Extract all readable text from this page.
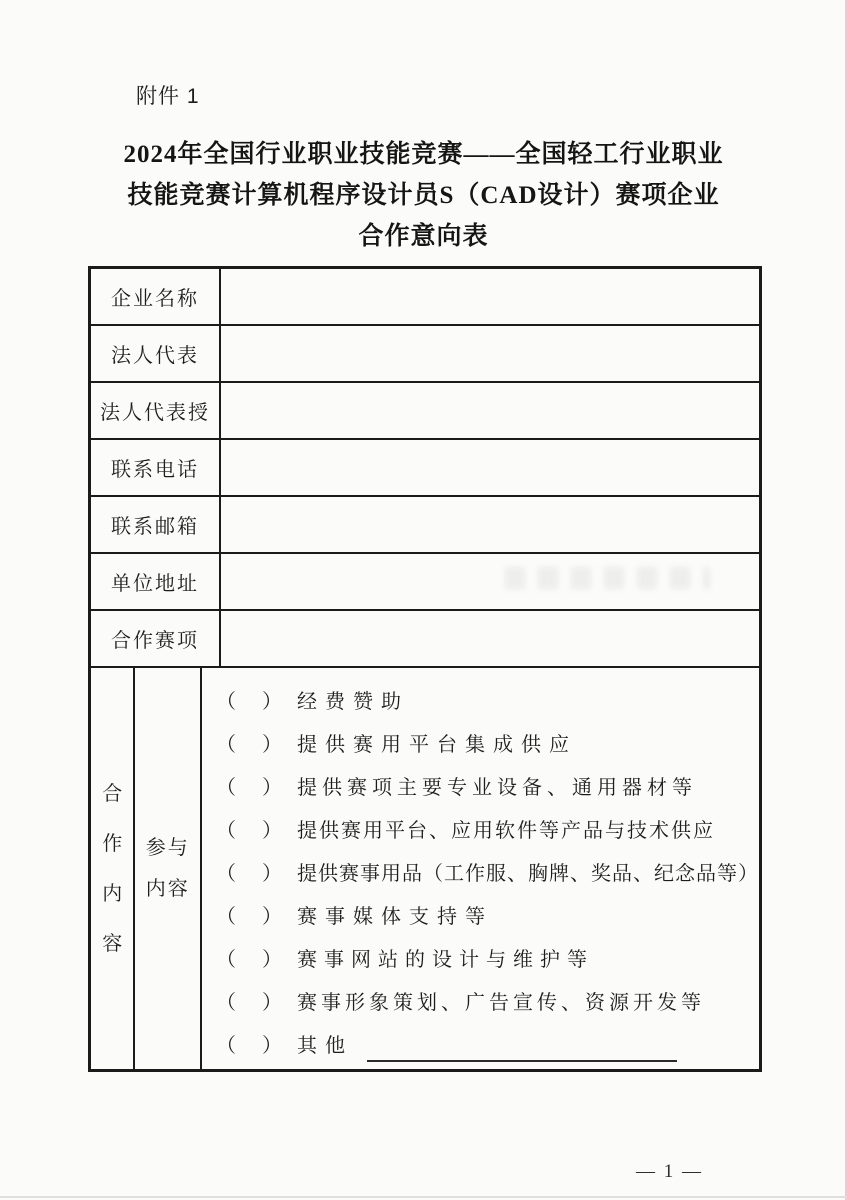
附件 1
2024年全国行业职业技能竞赛——全国轻工行业职业
技能竞赛计算机程序设计员S（CAD设计）赛项企业
合作意向表
企业名称
法人代表
法人代表授
联系电话
联系邮箱
单位地址
合作赛项
合作内容
参与内容
（　） 经费赞助
（　） 提供赛用平台集成供应
（　） 提供赛项主要专业设备、通用器材等
（　） 提供赛用平台、应用软件等产品与技术供应
（　） 提供赛事用品（工作服、胸牌、奖品、纪念品等）
（　） 赛事媒体支持等
（　） 赛事网站的设计与维护等
（　） 赛事形象策划、广告宣传、资源开发等
（　） 其他
— 1 —
